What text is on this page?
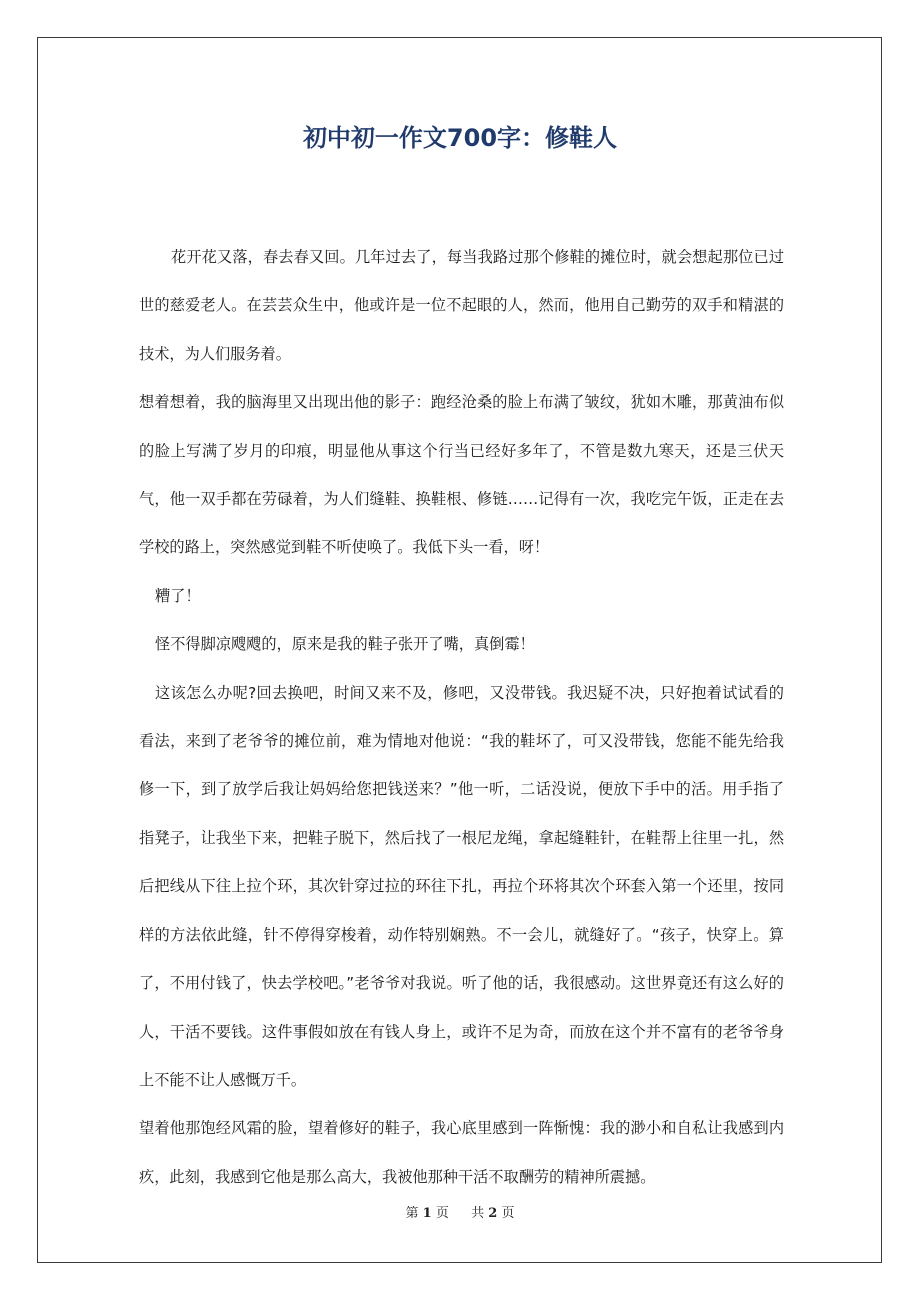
初中初一作文700字：修鞋人

花开花又落，春去春又回。几年过去了，每当我路过那个修鞋的摊位时，就会想起那位已过世的慈爱老人。在芸芸众生中，他或许是一位不起眼的人，然而，他用自己勤劳的双手和精湛的技术，为人们服务着。

想着想着，我的脑海里又出现出他的影子：跑经沧桑的脸上布满了皱纹，犹如木雕，那黄油布似的脸上写满了岁月的印痕，明显他从事这个行当已经好多年了，不管是数九寒天，还是三伏天气，他一双手都在劳碌着，为人们缝鞋、换鞋根、修链……记得有一次，我吃完午饭，正走在去学校的路上，突然感觉到鞋不听使唤了。我低下头一看，呀！

糟了！

怪不得脚凉飕飕的，原来是我的鞋子张开了嘴，真倒霉！

这该怎么办呢?回去换吧，时间又来不及，修吧，又没带钱。我迟疑不决，只好抱着试试看的看法，来到了老爷爷的摊位前，难为情地对他说：“我的鞋坏了，可又没带钱，您能不能先给我修一下，到了放学后我让妈妈给您把钱送来？”他一听，二话没说，便放下手中的活。用手指了指凳子，让我坐下来，把鞋子脱下，然后找了一根尼龙绳，拿起缝鞋针，在鞋帮上往里一扎，然后把线从下往上拉个环，其次针穿过拉的环往下扎，再拉个环将其次个环套入第一个还里，按同样的方法依此缝，针不停得穿梭着，动作特别娴熟。不一会儿，就缝好了。“孩子，快穿上。算了，不用付钱了，快去学校吧。”老爷爷对我说。听了他的话，我很感动。这世界竟还有这么好的人，干活不要钱。这件事假如放在有钱人身上，或许不足为奇，而放在这个并不富有的老爷爷身上不能不让人感慨万千。

望着他那饱经风霜的脸，望着修好的鞋子，我心底里感到一阵惭愧：我的渺小和自私让我感到内疚，此刻，我感到它他是那么高大，我被他那种干活不取酬劳的精神所震撼。

第 1 页 共 2 页
